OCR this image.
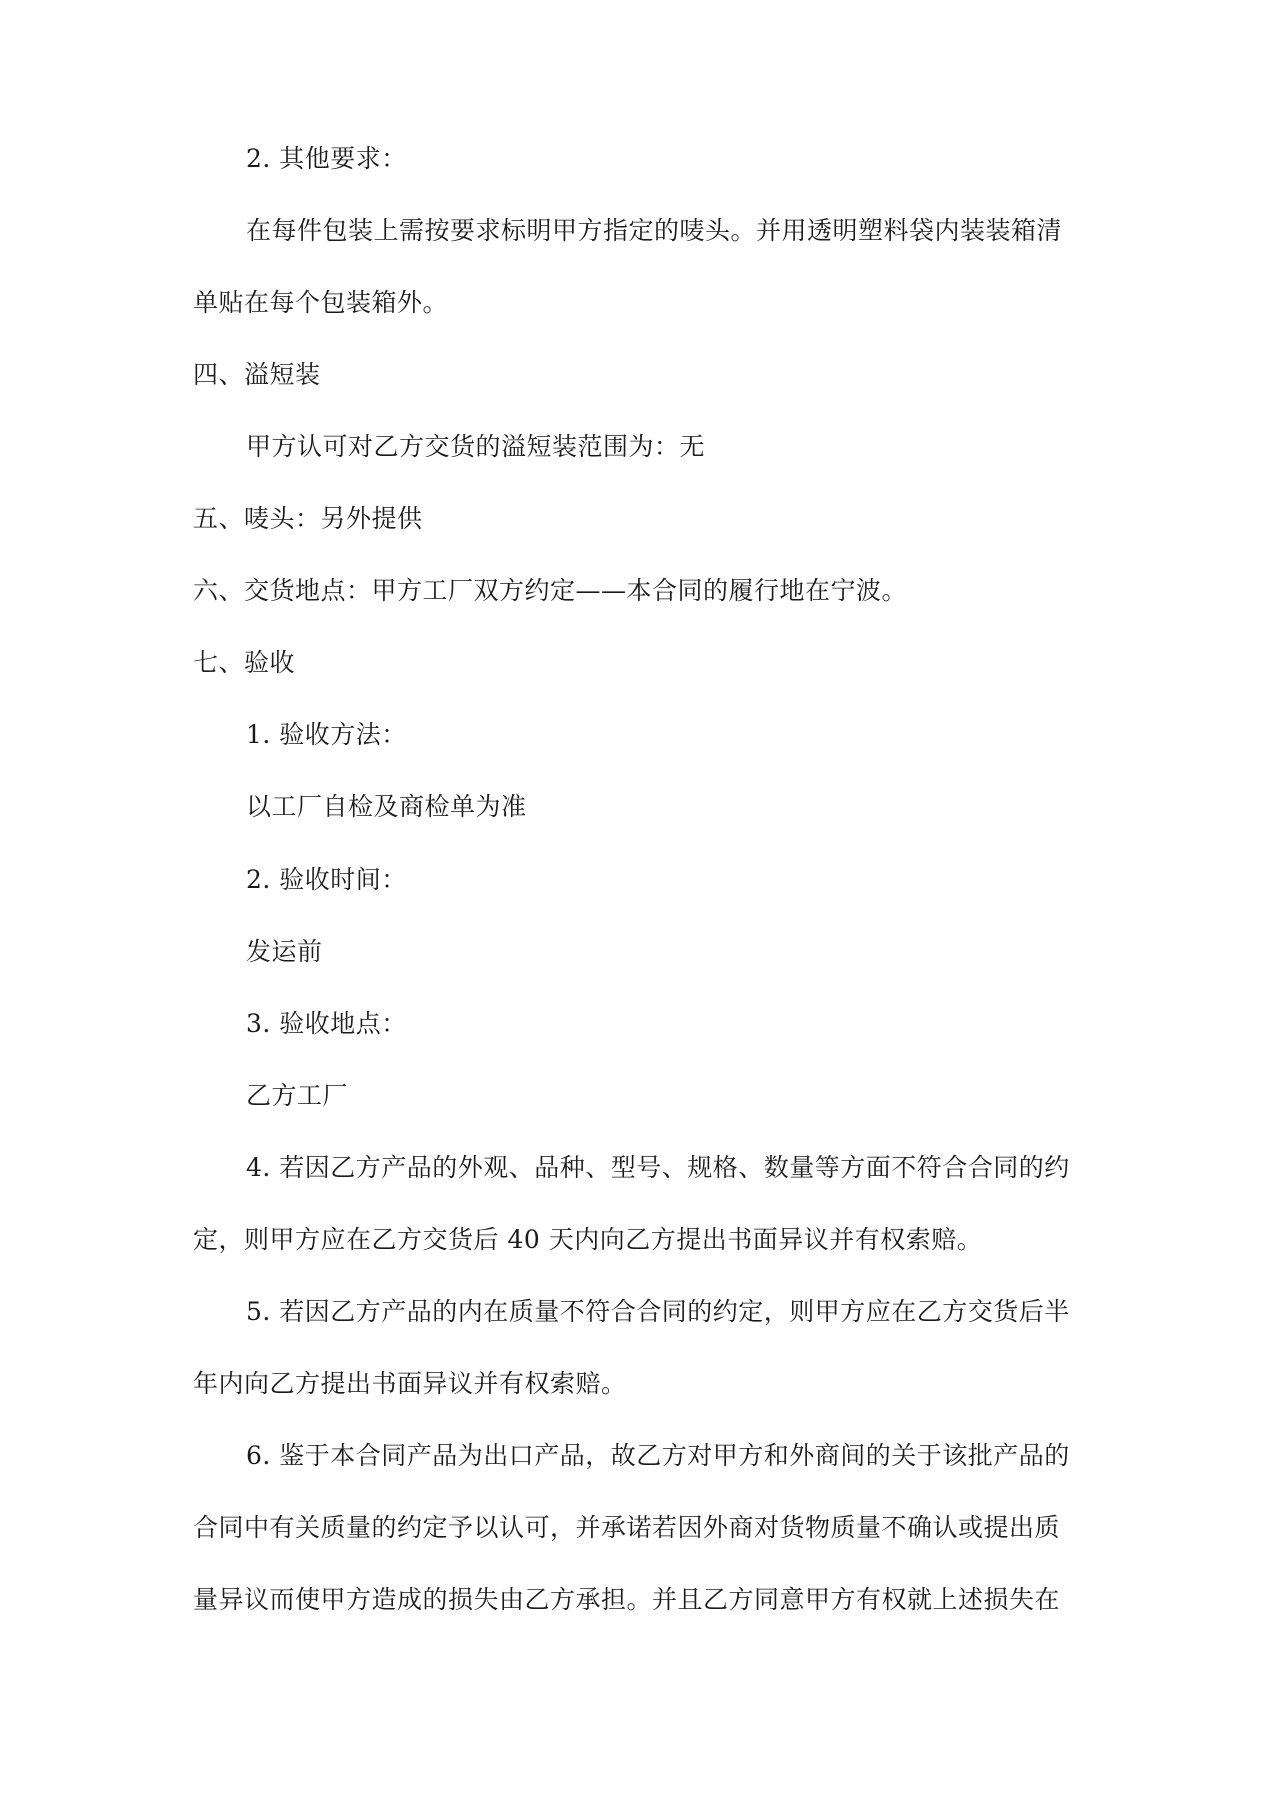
2. 其他要求：
在每件包装上需按要求标明甲方指定的唛头。并用透明塑料袋内装装箱清
单贴在每个包装箱外。
四、溢短装
甲方认可对乙方交货的溢短装范围为：无
五、唛头：另外提供
六、交货地点：甲方工厂双方约定——本合同的履行地在宁波。
七、验收
1. 验收方法：
以工厂自检及商检单为准
2. 验收时间：
发运前
3. 验收地点：
乙方工厂
4. 若因乙方产品的外观、品种、型号、规格、数量等方面不符合合同的约
定，则甲方应在乙方交货后 40 天内向乙方提出书面异议并有权索赔。
5. 若因乙方产品的内在质量不符合合同的约定，则甲方应在乙方交货后半
年内向乙方提出书面异议并有权索赔。
6. 鉴于本合同产品为出口产品，故乙方对甲方和外商间的关于该批产品的
合同中有关质量的约定予以认可，并承诺若因外商对货物质量不确认或提出质
量异议而使甲方造成的损失由乙方承担。并且乙方同意甲方有权就上述损失在
